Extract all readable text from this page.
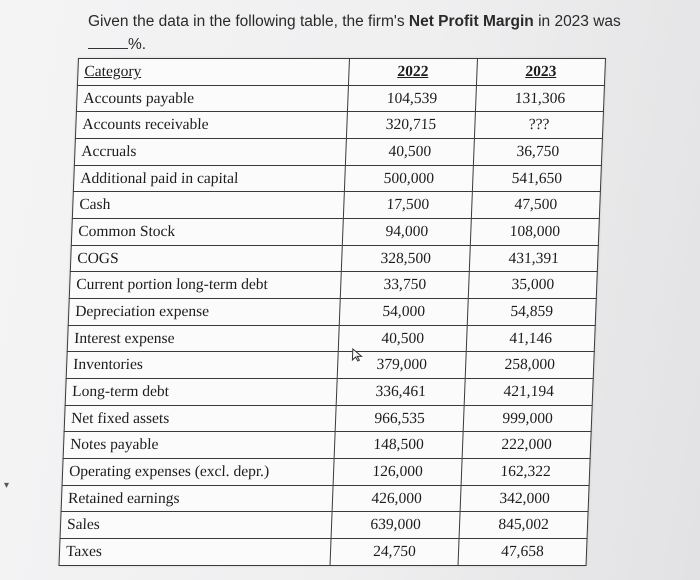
Given the data in the following table, the firm's Net Profit Margin in 2023 was
%.
▾
Category	2022	2023
Accounts payable	104,539	131,306
Accounts receivable	320,715	???
Accruals	40,500	36,750
Additional paid in capital	500,000	541,650
Cash	17,500	47,500
Common Stock	94,000	108,000
COGS	328,500	431,391
Current portion long-term debt	33,750	35,000
Depreciation expense	54,000	54,859
Interest expense	40,500	41,146
Inventories	379,000	258,000
Long-term debt	336,461	421,194
Net fixed assets	966,535	999,000
Notes payable	148,500	222,000
Operating expenses (excl. depr.)	126,000	162,322
Retained earnings	426,000	342,000
Sales	639,000	845,002
Taxes	24,750	47,658
